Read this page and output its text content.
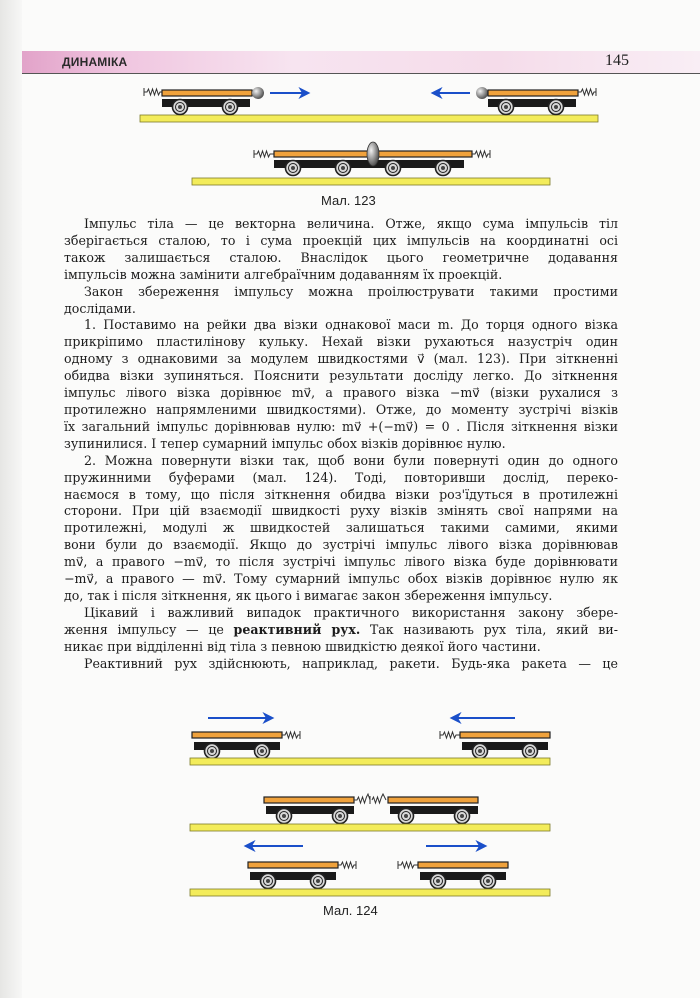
ДИНАМІКА	145
Мал. 123

Імпульс тіла — це векторна величина. Отже, якщо сума імпульсів тіл
зберігається сталою, то і сума проекцій цих імпульсів на координатні осі
також залишається сталою. Внаслідок цього геометричне додавання
імпульсів можна замінити алгебраїчним додаванням їх проекцій.

Закон збереження імпульсу можна проілюструвати такими простими
дослідами.

1. Поставимо на рейки два візки однакової маси m. До торця одного візка
прикріпимо пластилінову кульку. Нехай візки рухаються назустріч один
одному з однаковими за модулем швидкостями v⃗ (мал. 123). При зіткненні
обидва візки зупиняться. Пояснити результати досліду легко. До зіткнення
імпульс лівого візка дорівнює mv⃗, а правого візка −mv⃗ (візки рухалися з
протилежно напрямленими швидкостями). Отже, до моменту зустрічі візків
їх загальний імпульс дорівнював нулю: mv⃗ +(−mv⃗) = 0 . Після зіткнення візки
зупинилися. І тепер сумарний імпульс обох візків дорівнює нулю.

2. Можна повернути візки так, щоб вони були повернуті один до одного
пружинними буферами (мал. 124). Тоді, повторивши дослід, переко-
наємося в тому, що після зіткнення обидва візки роз'їдуться в протилежні
сторони. При цій взаємодії швидкості руху візків змінять свої напрями на
протилежні, модулі ж швидкостей залишаться такими самими, якими
вони були до взаємодії. Якщо до зустрічі імпульс лівого візка дорівнював
mv⃗, а правого −mv⃗, то після зустрічі імпульс лівого візка буде дорівнювати
−mv⃗, а правого — mv⃗. Тому сумарний імпульс обох візків дорівнює нулю як
до, так і після зіткнення, як цього і вимагає закон збереження імпульсу.

Цікавий і важливий випадок практичного використання закону збере-
ження імпульсу — це реактивний рух. Так називають рух тіла, який ви-
никає при відділенні від тіла з певною швидкістю деякої його частини.

Реактивний рух здійснюють, наприклад, ракети. Будь-яка ракета — це

Мал. 124
